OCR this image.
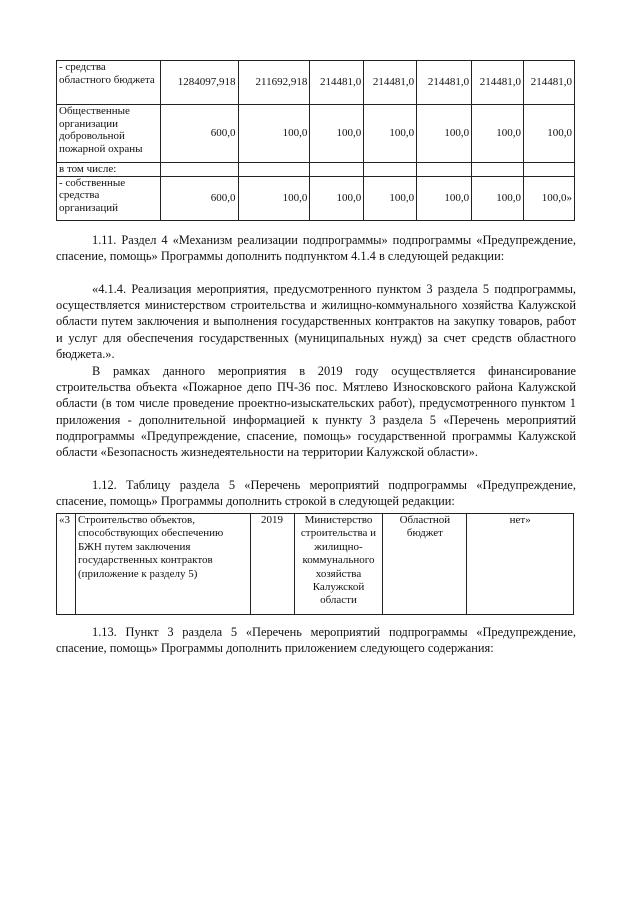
- средства областного бюджета	1284097,918	211692,918	214481,0	214481,0	214481,0	214481,0	214481,0
Общественные организации добровольной пожарной охраны	600,0	100,0	100,0	100,0	100,0	100,0	100,0
в том числе:							
- собственные средства организаций	600,0	100,0	100,0	100,0	100,0	100,0	100,0»

1.11. Раздел 4 «Механизм реализации подпрограммы» подпрограммы «Предупреждение, спасение, помощь» Программы дополнить подпунктом 4.1.4 в следующей редакции:

«4.1.4. Реализация мероприятия, предусмотренного пунктом 3 раздела 5 подпрограммы, осуществляется министерством строительства и жилищно-коммунального хозяйства Калужской области путем заключения и выполнения государственных контрактов на закупку товаров, работ и услуг для обеспечения государственных (муниципальных нужд) за счет средств областного бюджета.».

В рамках данного мероприятия в 2019 году осуществляется финансирование строительства объекта «Пожарное депо ПЧ-36 пос. Мятлево Износковского района Калужской области (в том числе проведение проектно-изыскательских работ), предусмотренного пунктом 1 приложения - дополнительной информацией к пункту 3 раздела 5 «Перечень мероприятий подпрограммы «Предупреждение, спасение, помощь» государственной программы Калужской области «Безопасность жизнедеятельности на территории Калужской области».

1.12. Таблицу раздела 5 «Перечень мероприятий подпрограммы «Предупреждение, спасение, помощь» Программы дополнить строкой в следующей редакции:

«3	Строительство объектов, способствующих обеспечению БЖН путем заключения государственных контрактов (приложение к разделу 5)	2019	Министерство строительства и жилищно-коммунального хозяйства Калужской области	Областной бюджет	нет»

1.13. Пункт 3 раздела 5 «Перечень мероприятий подпрограммы «Предупреждение, спасение, помощь» Программы дополнить приложением следующего содержания:
